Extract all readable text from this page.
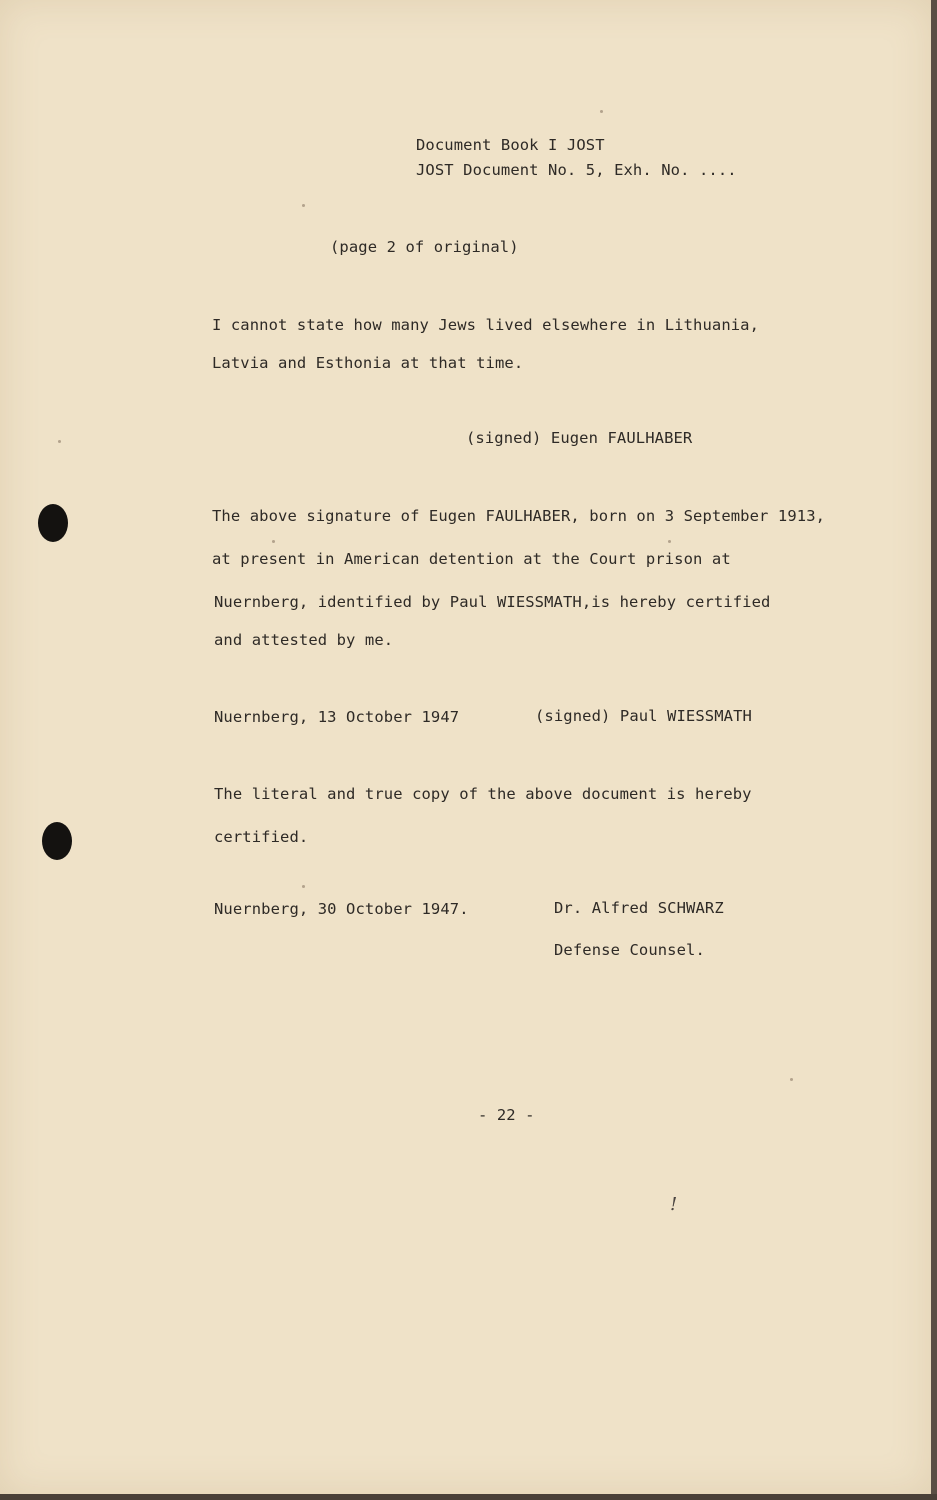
Document Book I JOST
JOST Document No. 5, Exh. No. ....
(page 2 of original)
I cannot state how many Jews lived elsewhere in Lithuania,
Latvia and Esthonia at that time.
(signed) Eugen FAULHABER
The above signature of Eugen FAULHABER, born on 3 September 1913,
at present in American detention at the Court prison at
Nuernberg, identified by Paul WIESSMATH,is hereby certified
and attested by me.
Nuernberg, 13 October 1947	(signed) Paul WIESSMATH
The literal and true copy of the above document is hereby
certified.
Nuernberg, 30 October 1947.	Dr. Alfred SCHWARZ
Defense Counsel.
- 22 -
!
